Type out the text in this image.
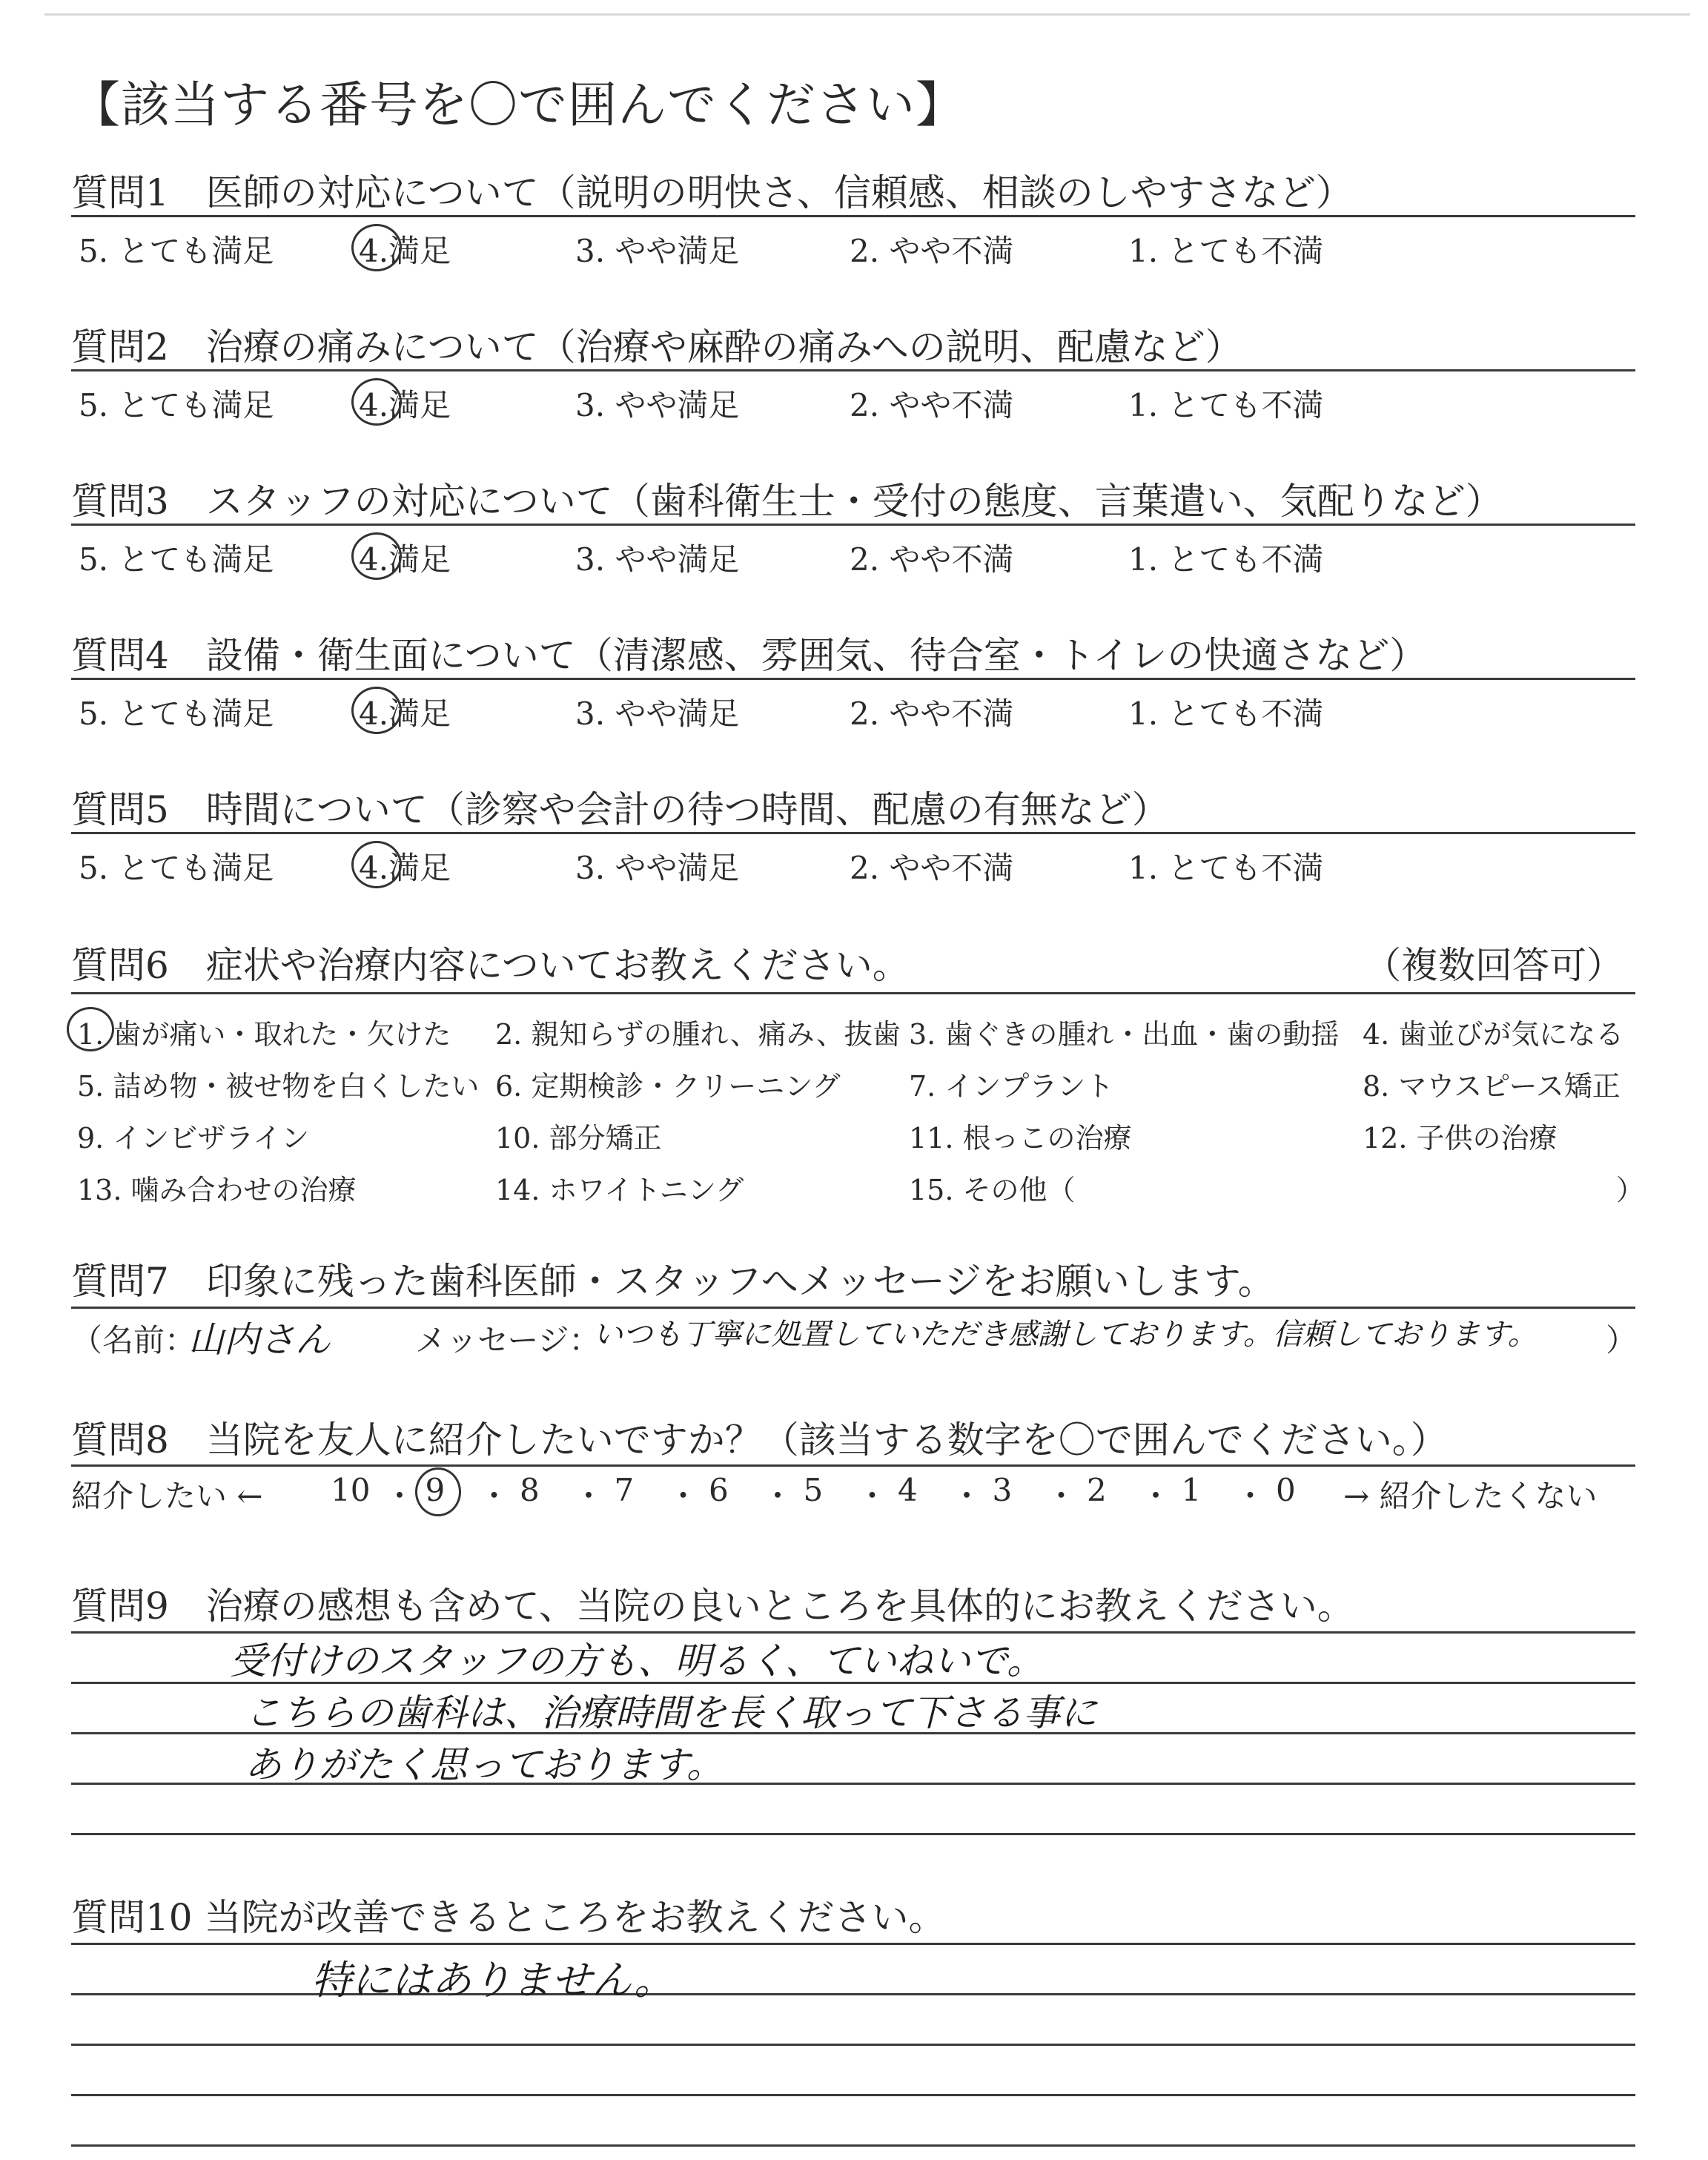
【該当する番号を〇で囲んでください】
質問1　医師の対応について（説明の明快さ、信頼感、相談のしやすさなど）
5. とても満足	4.満足	3. やや満足	2. やや不満	1. とても不満
質問2　治療の痛みについて（治療や麻酔の痛みへの説明、配慮など）
5. とても満足	4.満足	3. やや満足	2. やや不満	1. とても不満
質問3　スタッフの対応について（歯科衛生士・受付の態度、言葉遣い、気配りなど）
5. とても満足	4.満足	3. やや満足	2. やや不満	1. とても不満
質問4　設備・衛生面について（清潔感、雰囲気、待合室・トイレの快適さなど）
5. とても満足	4.満足	3. やや満足	2. やや不満	1. とても不満
質問5　時間について（診察や会計の待つ時間、配慮の有無など）
5. とても満足	4.満足	3. やや満足	2. やや不満	1. とても不満
質問6　症状や治療内容についてお教えください。	（複数回答可）
1. 歯が痛い・取れた・欠けた 2. 親知らずの腫れ、痛み、抜歯 3. 歯ぐきの腫れ・出血・歯の動揺 4. 歯並びが気になる
5. 詰め物・被せ物を白くしたい 6. 定期検診・クリーニング 7. インプラント	8. マウスピース矯正
9. インビザライン	10. 部分矯正	11. 根っこの治療	12. 子供の治療
13. 噛み合わせの治療	14. ホワイトニング	15. その他（	）
質問7　印象に残った歯科医師・スタッフへメッセージをお願いします。
（名前：
山内さん	メッセージ：
いつも丁寧に処置していただき感謝しております。信頼しております。 ）
質問8　当院を友人に紹介したいですか？（該当する数字を〇で囲んでください。）
紹介したい ←	→ 紹介したくない
10 ・ 9 ・ 8 ・ 7 ・ 6 ・ 5 ・ 4 ・ 3 ・ 2 ・ 1 ・ 0
質問9　治療の感想も含めて、当院の良いところを具体的にお教えください。
受付けのスタッフの方も、明るく、ていねいで。
こちらの歯科は、治療時間を長く取って下さる事に
ありがたく思っております。
質問10 当院が改善できるところをお教えください。
特にはありません。
